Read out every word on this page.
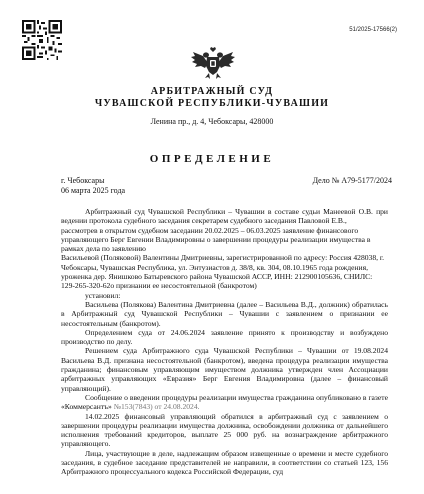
51/2025-17566(2)
АРБИТРАЖНЫЙ СУД
ЧУВАШСКОЙ РЕСПУБЛИКИ-ЧУВАШИИ
Ленина пр., д. 4, Чебоксары, 428000
ОПРЕДЕЛЕНИЕ
г. Чебоксары
06 марта 2025 года
Дело № А79-5177/2024

Арбитражный суд Чувашской Республики – Чувашии в составе судьи Манеевой О.В. при ведении протокола судебного заседания секретарем судебного заседания Павловой Е.В.,

рассмотрев в открытом судебном заседании 20.02.2025 – 06.03.2025 заявление финансового управляющего Берг Евгении Владимировны о завершении процедуры реализации имущества в рамках дела по заявлению

Васильевой (Поляковой) Валентины Дмитриевны, зарегистрированной по адресу: Россия 428038, г. Чебоксары, Чувашская Республика, ул. Энтузиастов д. 38/8, кв. 304, 08.10.1965 года рождения, уроженка дер. Янишково Батыревского района Чувашской АССР, ИНН: 212900105636, СНИЛС: 129-265-320-62о признании ее несостоятельной (банкротом)

установил:

Васильева (Полякова) Валентина Дмитриевна (далее – Васильева В.Д., должник) обратилась в Арбитражный суд Чувашской Республики – Чувашии с заявлением о признании ее несостоятельным (банкротом).

Определением суда от 24.06.2024 заявление принято к производству и возбуждено производство по делу.

Решением суда Арбитражного суда Чувашской Республики – Чувашии от 19.08.2024 Васильева В.Д. признана несостоятельной (банкротом), введена процедура реализации имущества гражданина; финансовым управляющим имуществом должника утвержден член Ассоциации арбитражных управляющих «Евразия» Берг Евгения Владимировна (далее – финансовый управляющий).

Сообщение о введении процедуры реализации имущества гражданина опубликовано в газете «Коммерсантъ» №153(7843) от 24.08.2024.

14.02.2025 финансовый управляющий обратился в арбитражный суд с заявлением о завершении процедуры реализации имущества должника, освобождении должника от дальнейшего исполнения требований кредиторов, выплате 25 000 руб. на вознаграждение арбитражного управляющего.

Лица, участвующие в деле, надлежащим образом извещенные о времени и месте судебного заседания, в судебное заседание представителей не направили, в соответствии со статьей 123, 156 Арбитражного процессуального кодекса Российской Федерации, суд
